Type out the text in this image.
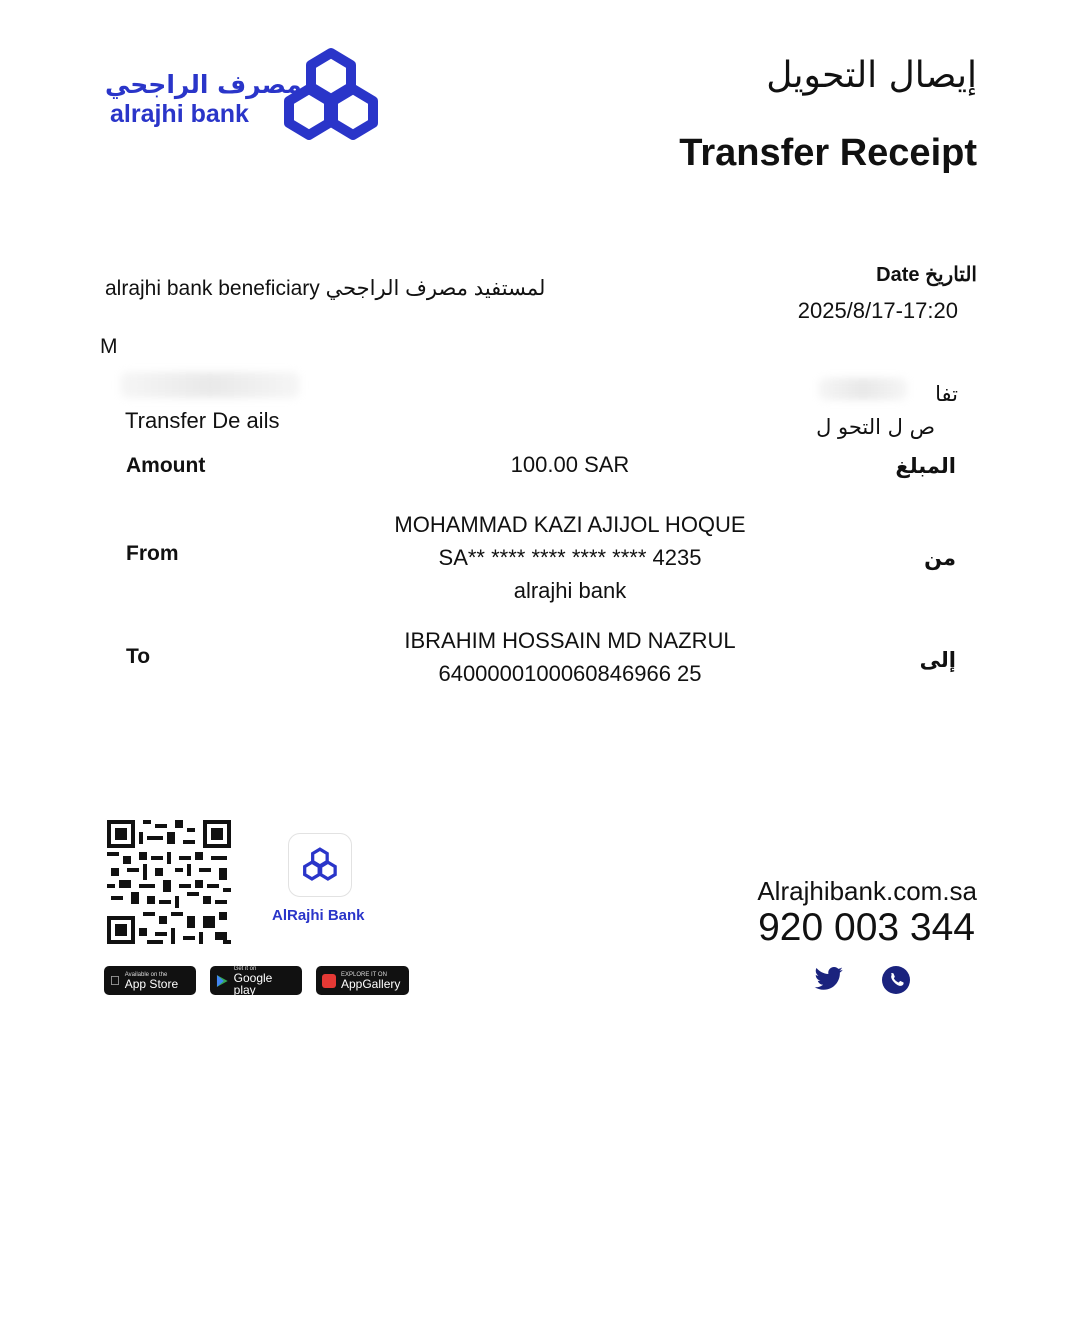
مصرف الراجحي
alrajhi bank
إيصال التحويل
Transfer Receipt
alrajhi bank beneficiary لمستفيد مصرف الراجحي
Date التاريخ
2025/8/17-17:20
M
Transfer De ails
تفا
ص ل التحو ل
Amount	100.00 SAR	المبلغ
From
MOHAMMAD KAZI AJIJOL HOQUE
SA** **** **** **** **** 4235
alrajhi bank
من
To
IBRAHIM HOSSAIN MD NAZRUL
6400000100060846966 25
إلى
AlRajhi Bank
Available on the
App Store
Get it on
Google play
EXPLORE IT ON
AppGallery
Alrajhibank.com.sa
920 003 344
